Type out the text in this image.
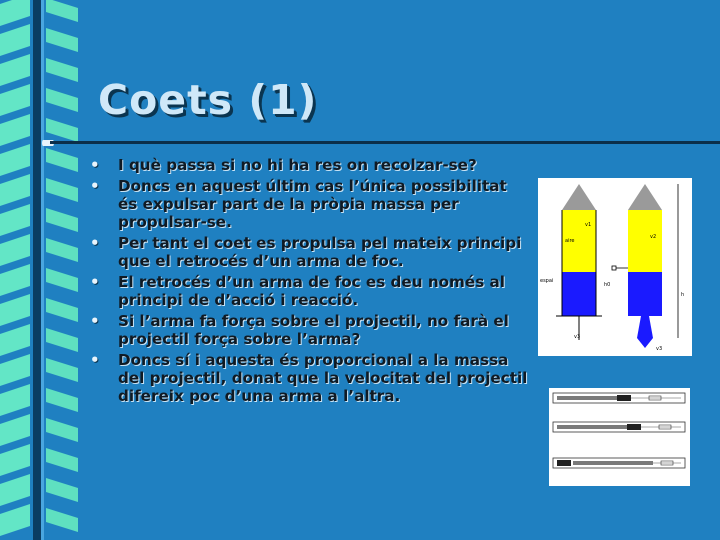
Coets (1)
•	I què passa si no hi ha res on recolzar-se?
•	Doncs en aquest últim cas l’única possibilitat és expulsar part de la pròpia massa per propulsar-se.
•	Per tant el coet es propulsa pel mateix principi que el retrocés d’un arma de foc.
•	El retrocés d’un arma de foc es deu només al principi de d’acció i reacció.
•	Si l’arma fa força sobre el projectil, no farà el projectil força sobre l’arma?
•	Doncs sí i aquesta és proporcional a la massa del projectil, donat que la velocitat del projectil difereix poc d’una arma a l’altra.
v1
aire
espai
h0
v3
v2
h
v3
